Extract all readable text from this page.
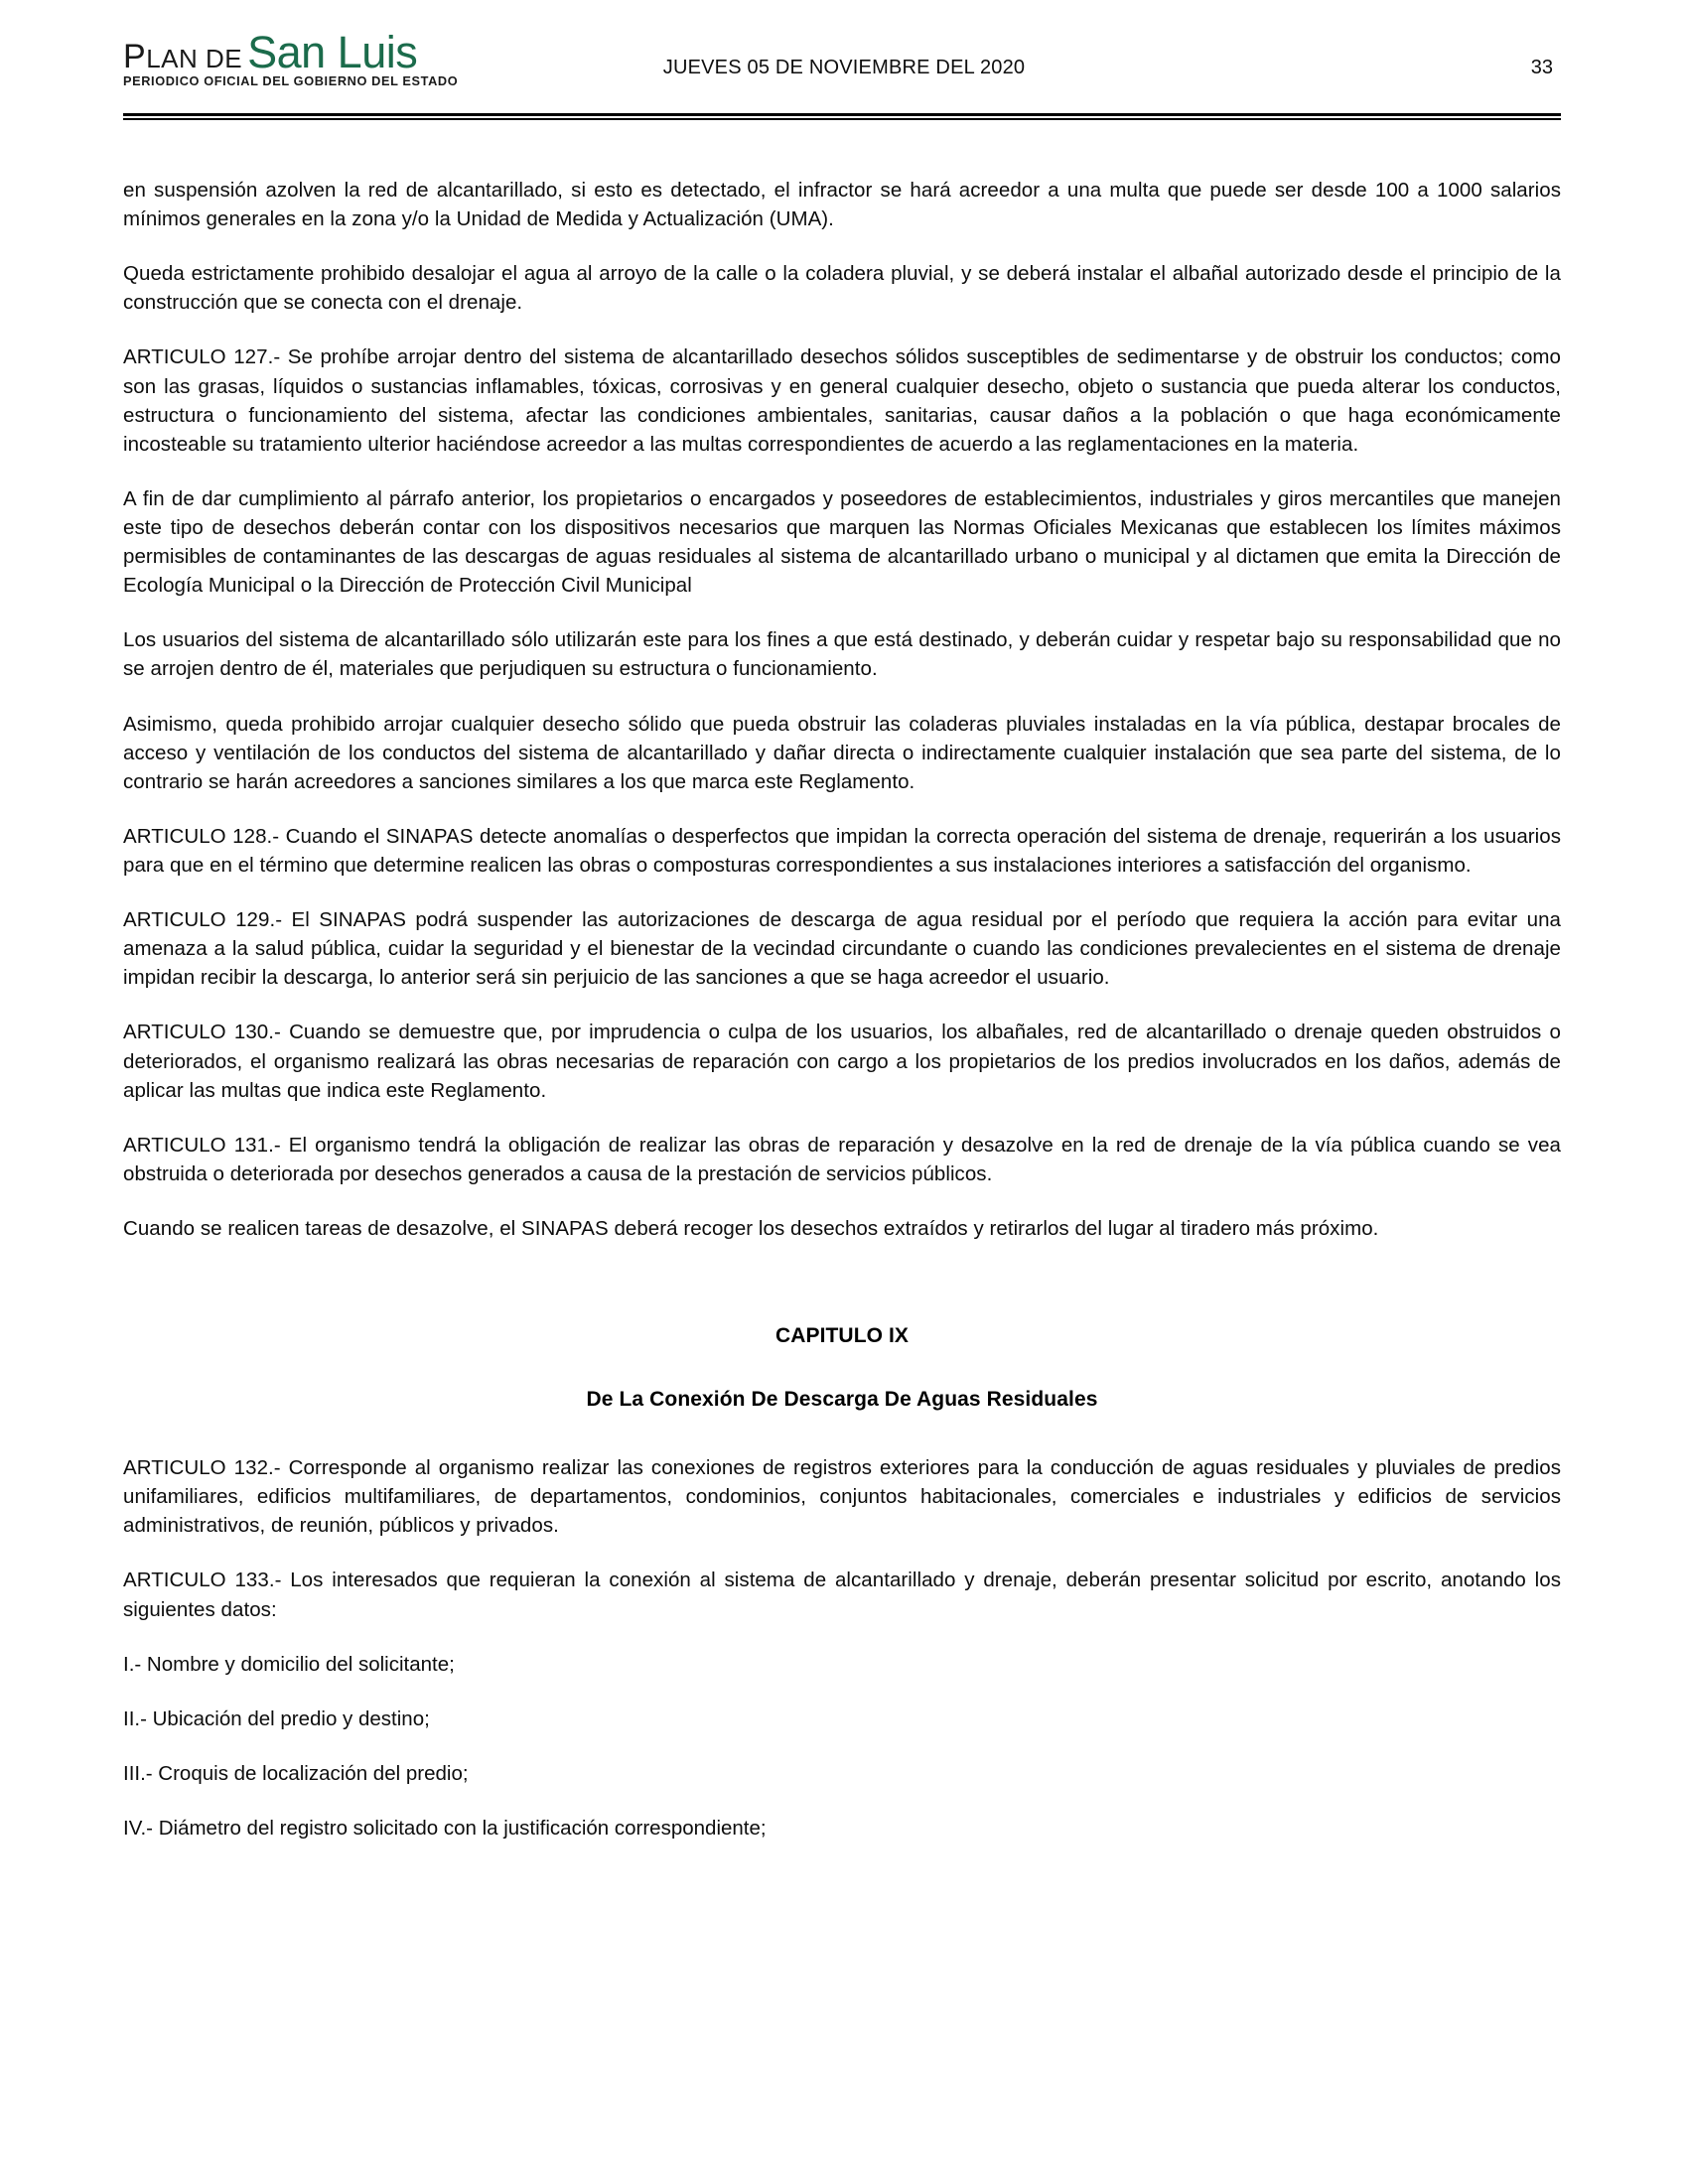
PLAN DE San Luis
PERIODICO OFICIAL DEL GOBIERNO DEL ESTADO
JUEVES 05 DE NOVIEMBRE DEL 2020	33

en suspensión azolven la red de alcantarillado, si esto es detectado, el infractor se hará acreedor a una multa que puede ser desde 100 a 1000 salarios mínimos generales en la zona y/o la Unidad de Medida y Actualización (UMA).

Queda estrictamente prohibido desalojar el agua al arroyo de la calle o la coladera pluvial, y se deberá instalar el albañal autorizado desde el principio de la construcción que se conecta con el drenaje.

ARTICULO 127.- Se prohíbe arrojar dentro del sistema de alcantarillado desechos sólidos susceptibles de sedimentarse y de obstruir los conductos; como son las grasas, líquidos o sustancias inflamables, tóxicas, corrosivas y en general cualquier desecho, objeto o sustancia que pueda alterar los conductos, estructura o funcionamiento del sistema, afectar las condiciones ambientales, sanitarias, causar daños a la población o que haga económicamente incosteable su tratamiento ulterior haciéndose acreedor a las multas correspondientes de acuerdo a las reglamentaciones en la materia.

A fin de dar cumplimiento al párrafo anterior, los propietarios o encargados y poseedores de establecimientos, industriales y giros mercantiles que manejen este tipo de desechos deberán contar con los dispositivos necesarios que marquen las Normas Oficiales Mexicanas que establecen los límites máximos permisibles de contaminantes de las descargas de aguas residuales al sistema de alcantarillado urbano o municipal y al dictamen que emita la Dirección de Ecología Municipal o la Dirección de Protección Civil Municipal

Los usuarios del sistema de alcantarillado sólo utilizarán este para los fines a que está destinado, y deberán cuidar y respetar bajo su responsabilidad que no se arrojen dentro de él, materiales que perjudiquen su estructura o funcionamiento.

Asimismo, queda prohibido arrojar cualquier desecho sólido que pueda obstruir las coladeras pluviales instaladas en la vía pública, destapar brocales de acceso y ventilación de los conductos del sistema de alcantarillado y dañar directa o indirectamente cualquier instalación que sea parte del sistema, de lo contrario se harán acreedores a sanciones similares a los que marca este Reglamento.

ARTICULO 128.- Cuando el SINAPAS detecte anomalías o desperfectos que impidan la correcta operación del sistema de drenaje, requerirán a los usuarios para que en el término que determine realicen las obras o composturas correspondientes a sus instalaciones interiores a satisfacción del organismo.

ARTICULO 129.- El SINAPAS podrá suspender las autorizaciones de descarga de agua residual por el período que requiera la acción para evitar una amenaza a la salud pública, cuidar la seguridad y el bienestar de la vecindad circundante o cuando las condiciones prevalecientes en el sistema de drenaje impidan recibir la descarga, lo anterior será sin perjuicio de las sanciones a que se haga acreedor el usuario.

ARTICULO 130.- Cuando se demuestre que, por imprudencia o culpa de los usuarios, los albañales, red de alcantarillado o drenaje queden obstruidos o deteriorados, el organismo realizará las obras necesarias de reparación con cargo a los propietarios de los predios involucrados en los daños, además de aplicar las multas que indica este Reglamento.

ARTICULO 131.- El organismo tendrá la obligación de realizar las obras de reparación y desazolve en la red de drenaje de la vía pública cuando se vea obstruida o deteriorada por desechos generados a causa de la prestación de servicios públicos.

Cuando se realicen tareas de desazolve, el SINAPAS deberá recoger los desechos extraídos y retirarlos del lugar al tiradero más próximo.

CAPITULO IX
De La Conexión De Descarga De Aguas Residuales

ARTICULO 132.- Corresponde al organismo realizar las conexiones de registros exteriores para la conducción de aguas residuales y pluviales de predios unifamiliares, edificios multifamiliares, de departamentos, condominios, conjuntos habitacionales, comerciales e industriales y edificios de servicios administrativos, de reunión, públicos y privados.

ARTICULO 133.- Los interesados que requieran la conexión al sistema de alcantarillado y drenaje, deberán presentar solicitud por escrito, anotando los siguientes datos:

I.- Nombre y domicilio del solicitante;
II.- Ubicación del predio y destino;
III.- Croquis de localización del predio;
IV.- Diámetro del registro solicitado con la justificación correspondiente;
